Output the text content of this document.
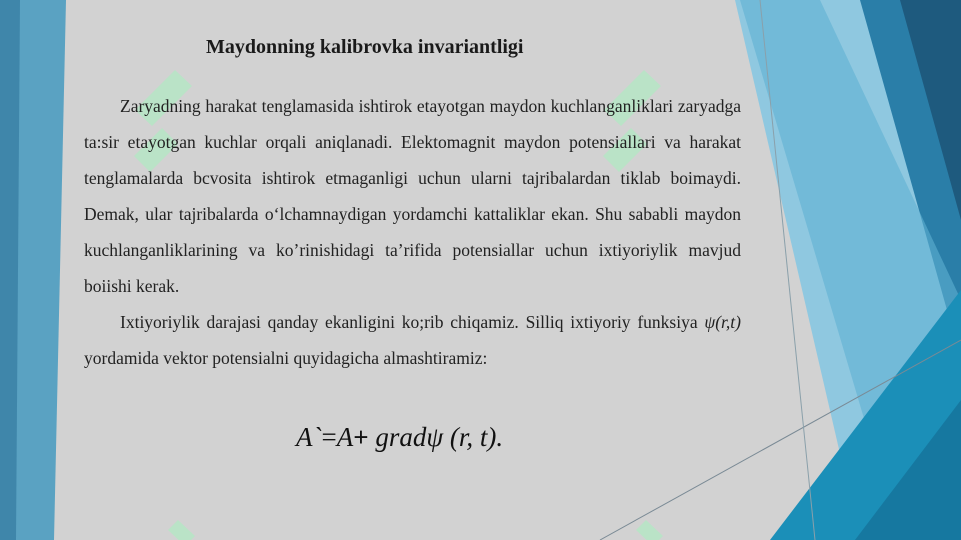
Maydonning kalibrovka invariantligi

Zaryadning harakat tenglamasida ishtirok etayotgan maydon kuchlanganliklari zaryadga ta:sir etayotgan kuchlar orqali aniqlanadi. Elektomagnit maydon potensiallari va harakat tenglamalarda bcvosita ishtirok etmaganligi uchun ularni tajribalardan tiklab boimaydi. Demak, ular tajribalarda o‘lchamnaydigan yordamchi kattaliklar ekan. Shu sababli maydon kuchlanganliklarining va ko’rinishidagi ta’rifida potensiallar uchun ixtiyoriylik mavjud boiishi kerak.

Ixtiyoriylik darajasi qanday ekanligini ko;rib chiqamiz. Silliq ixtiyoriy funksiya ψ(r,t) yordamida vektor potensialni quyidagicha almashtiramiz:

A`=A+ gradψ (r, t).
